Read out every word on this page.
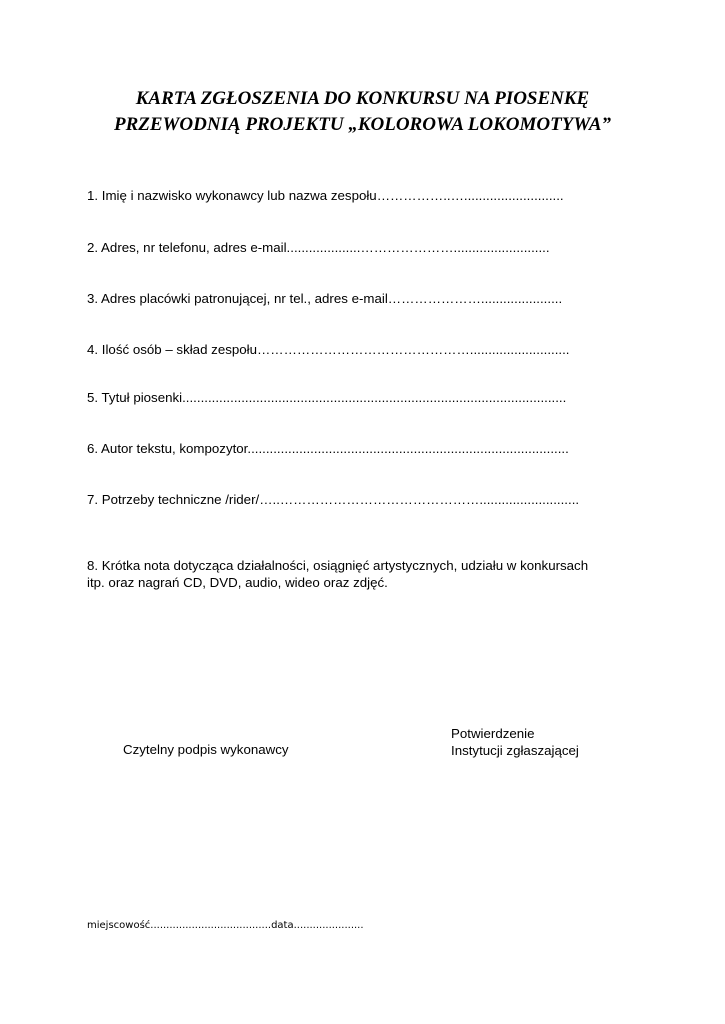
KARTA ZGŁOSZENIA DO KONKURSU NA PIOSENKĘ
PRZEWODNIĄ PROJEKTU „KOLOROWA LOKOMOTYWA”
1. Imię i nazwisko wykonawcy lub nazwa zespołu……………..…...........................
2. Adres, nr telefonu, adres e-mail....................…………………..........................
3. Adres placówki patronującej, nr tel., adres e-mail…………………......................
4. Ilość osób – skład zespołu…………………………………………...........................
5. Tytuł piosenki........................................................................................................
6. Autor tekstu, kompozytor.......................................................................................
7. Potrzeby techniczne /rider/…..………………………………………...........................
8. Krótka nota dotycząca działalności, osiągnięć artystycznych, udziału w konkursach
itp. oraz nagrań CD, DVD, audio, wideo oraz zdjęć.
Czytelny podpis wykonawcy
Potwierdzenie
Instytucji zgłaszającej
miejscowość......................................data......................
